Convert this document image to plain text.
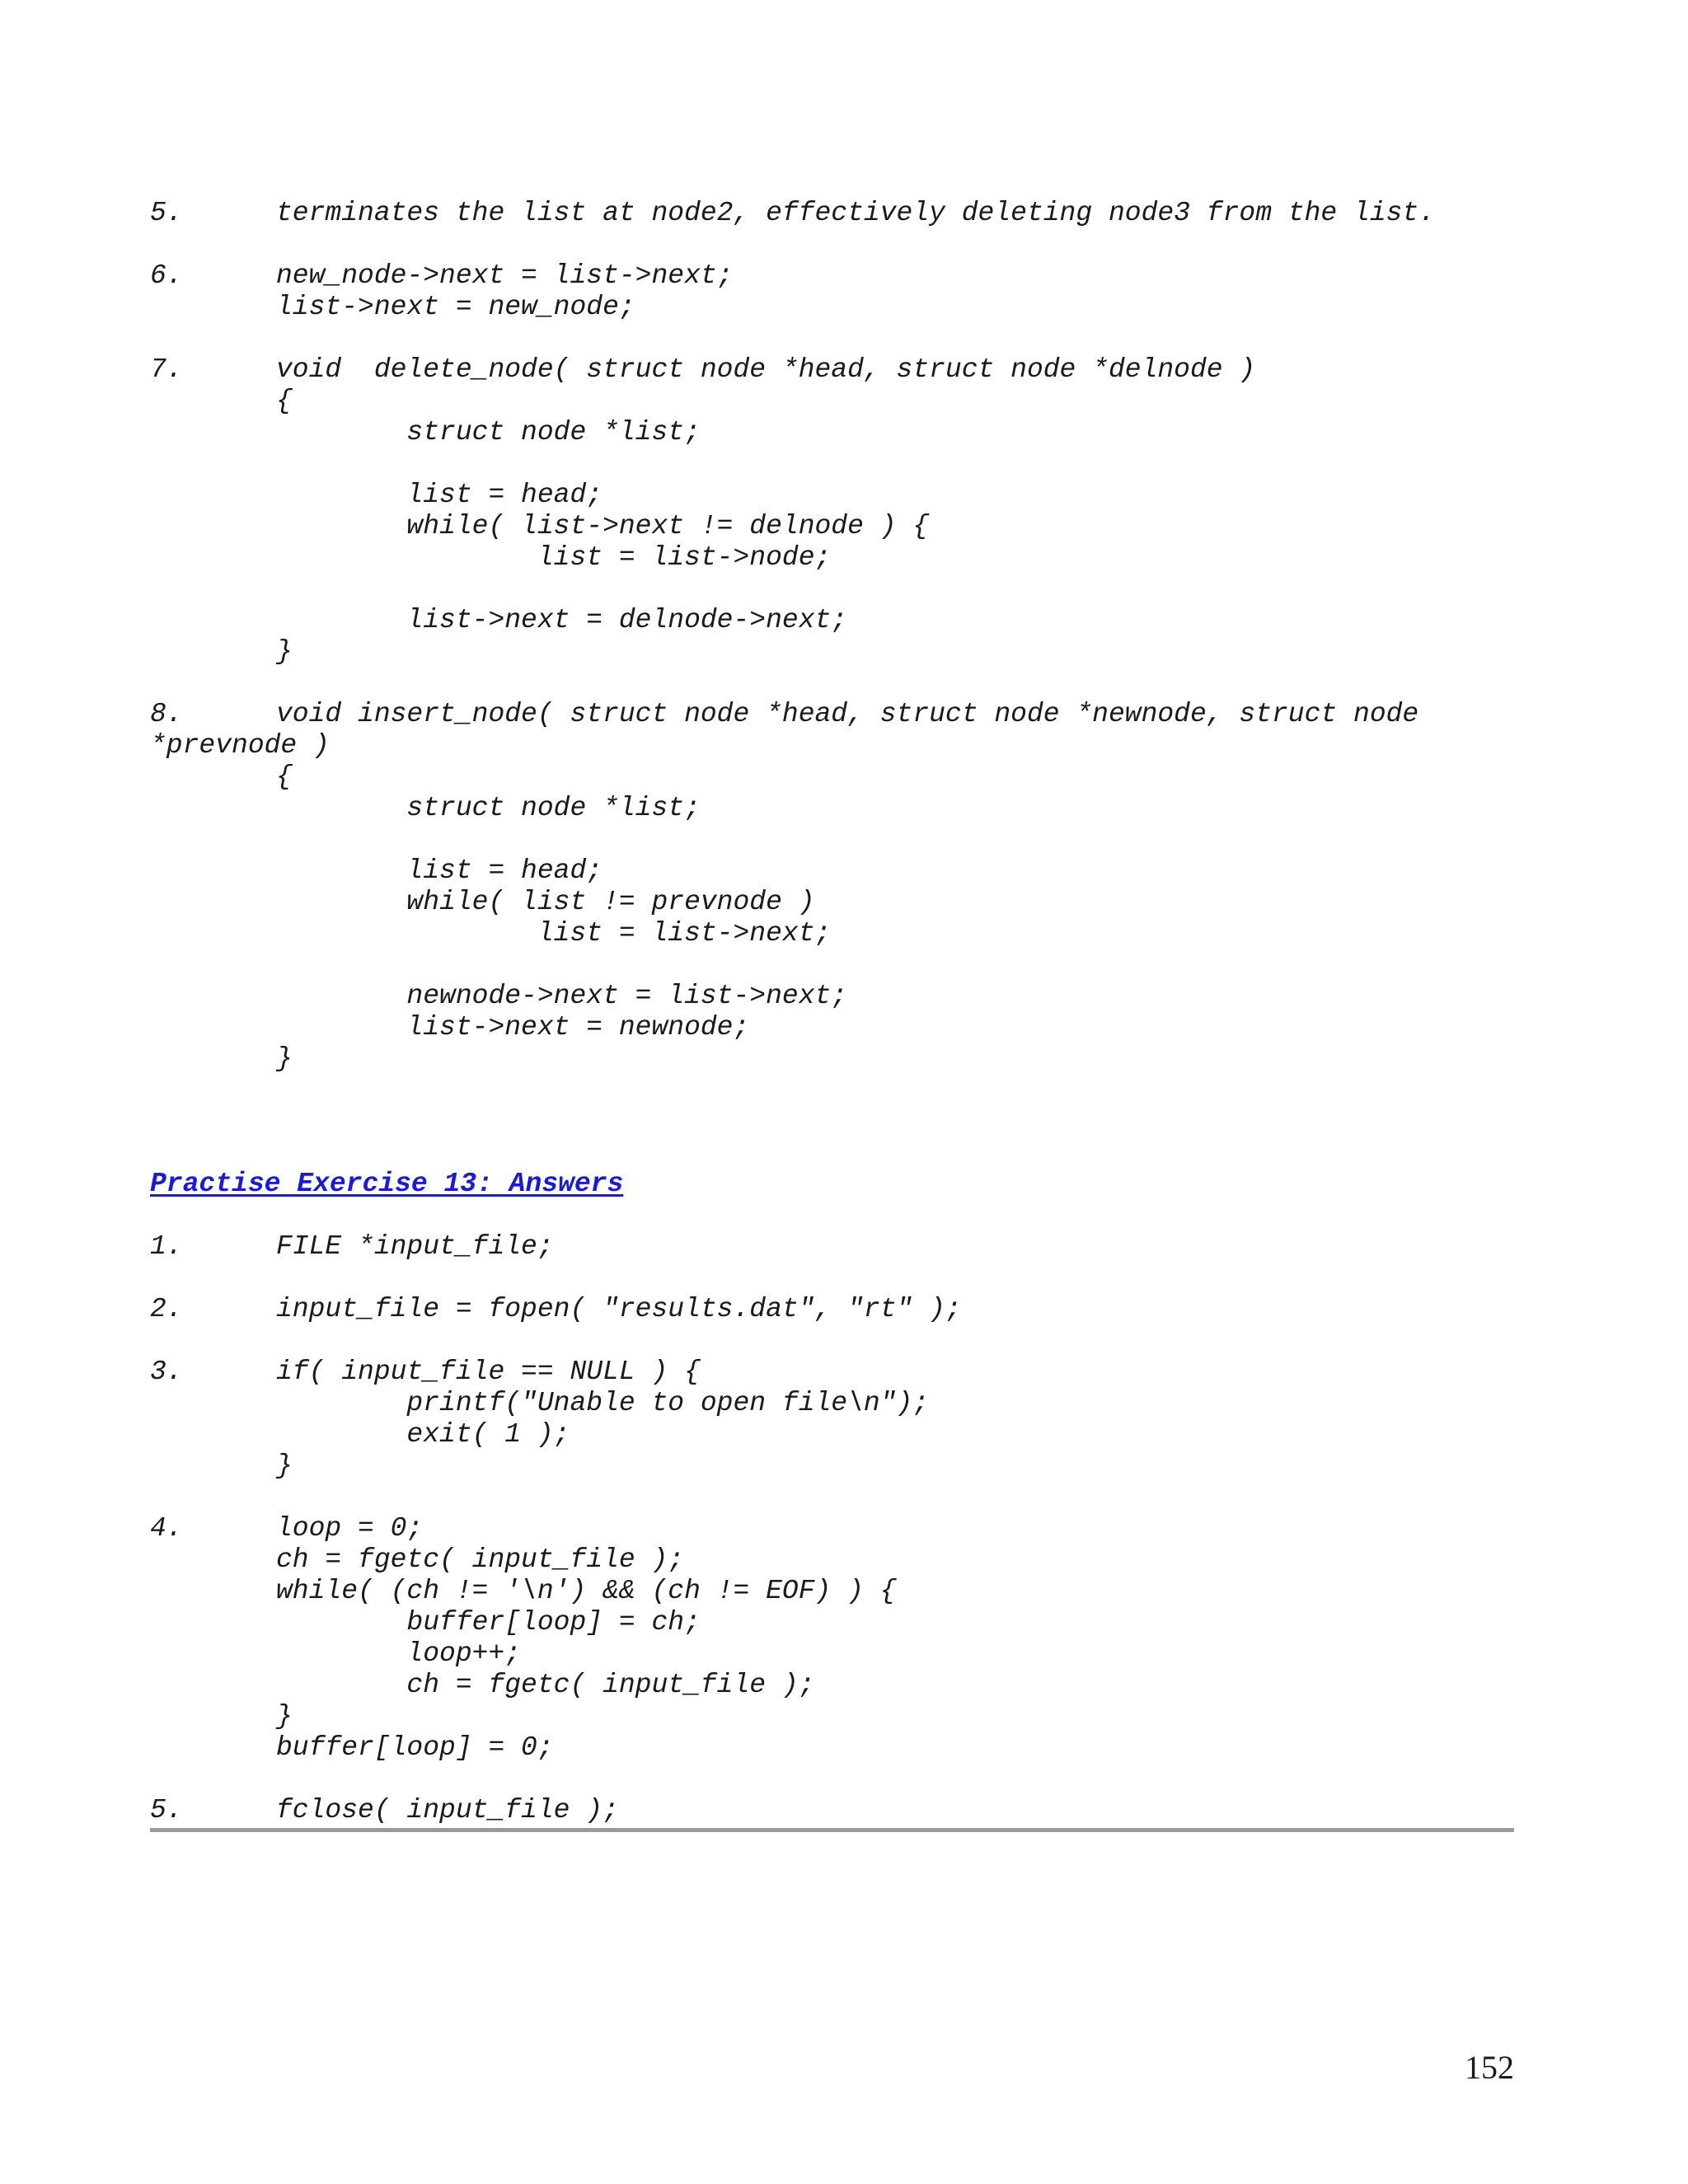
5.	terminates the list at node2, effectively deleting node3 from the list.
6.	new_node->next = list->next;
list->next = new_node;
7.	void  delete_node( struct node *head, struct node *delnode )
{
struct node *list;
list = head;
while( list->next != delnode ) {
list = list->node;
list->next = delnode->next;
}
8.	void insert_node( struct node *head, struct node *newnode, struct node
*prevnode )
{
struct node *list;
list = head;
while( list != prevnode )
list = list->next;
newnode->next = list->next;
list->next = newnode;
}
Practise Exercise 13: Answers
1.	FILE *input_file;
2.	input_file = fopen( "results.dat", "rt" );
3.	if( input_file == NULL ) {
printf("Unable to open file\n");
exit( 1 );
}
4.	loop = 0;
ch = fgetc( input_file );
while( (ch != '\n') && (ch != EOF) ) {
buffer[loop] = ch;
loop++;
ch = fgetc( input_file );
}
buffer[loop] = 0;
5.	fclose( input_file );
152
